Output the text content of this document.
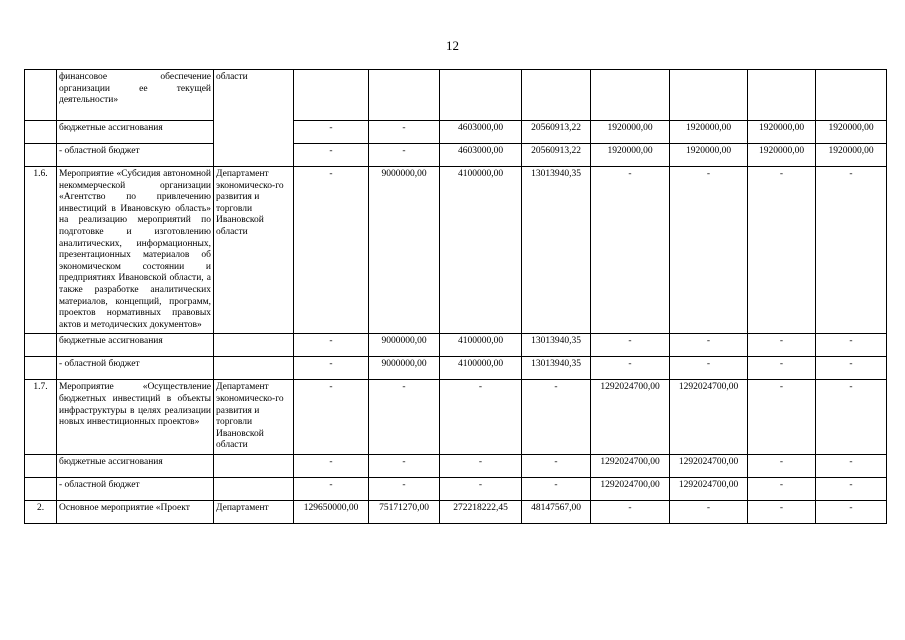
12
	финансовое обеспечение организации ее текущей деятельности»	области								
	бюджетные ассигнования		-	-	4603000,00	20560913,22	1920000,00	1920000,00	1920000,00	1920000,00
	- областной бюджет		-	-	4603000,00	20560913,22	1920000,00	1920000,00	1920000,00	1920000,00
1.6.	Мероприятие «Субсидия автономной некоммерческой организации «Агентство по привлечению инвестиций в Ивановскую область» на реализацию мероприятий по подготовке и изготовлению аналитических, информационных, презентационных материалов об экономическом состоянии и предприятиях Ивановской области, а также разработке аналитических материалов, концепций, программ, проектов нормативных правовых актов и методических документов»	Департамент экономическо-го развития и торговли Ивановской области	-	9000000,00	4100000,00	13013940,35	-	-	-	-
	бюджетные ассигнования		-	9000000,00	4100000,00	13013940,35	-	-	-	-
	- областной бюджет		-	9000000,00	4100000,00	13013940,35	-	-	-	-
1.7.	Мероприятие «Осуществление бюджетных инвестиций в объекты инфраструктуры в целях реализации новых инвестиционных проектов»	Департамент экономическо-го развития и торговли Ивановской области	-	-	-	-	1292024700,00	1292024700,00	-	-
	бюджетные ассигнования		-	-	-	-	1292024700,00	1292024700,00	-	-
	- областной бюджет		-	-	-	-	1292024700,00	1292024700,00	-	-
2.	Основное мероприятие «Проект	Департамент	129650000,00	75171270,00	272218222,45	48147567,00	-	-	-	-
